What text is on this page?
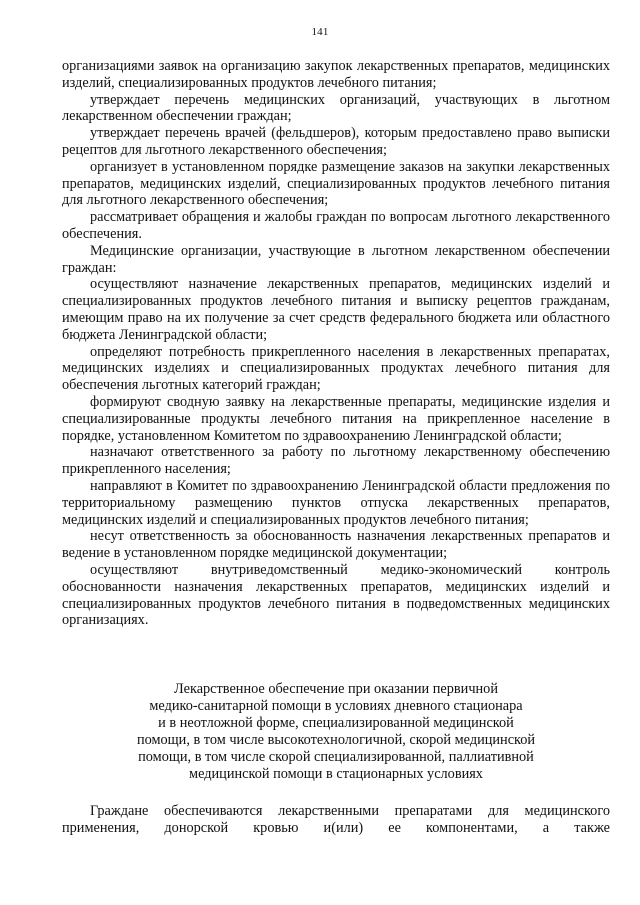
141

организациями заявок на организацию закупок лекарственных препаратов, медицинских изделий, специализированных продуктов лечебного питания;

утверждает перечень медицинских организаций, участвующих в льготном лекарственном обеспечении граждан;

утверждает перечень врачей (фельдшеров), которым предоставлено право выписки рецептов для льготного лекарственного обеспечения;

организует в установленном порядке размещение заказов на закупки лекарственных препаратов, медицинских изделий, специализированных продуктов лечебного питания для льготного лекарственного обеспечения;

рассматривает обращения и жалобы граждан по вопросам льготного лекарственного обеспечения.

Медицинские организации, участвующие в льготном лекарственном обеспечении граждан:

осуществляют назначение лекарственных препаратов, медицинских изделий и специализированных продуктов лечебного питания и выписку рецептов гражданам, имеющим право на их получение за счет средств федерального бюджета или областного бюджета Ленинградской области;

определяют потребность прикрепленного населения в лекарственных препаратах, медицинских изделиях и специализированных продуктах лечебного питания для обеспечения льготных категорий граждан;

формируют сводную заявку на лекарственные препараты, медицинские изделия и специализированные продукты лечебного питания на прикрепленное население в порядке, установленном Комитетом по здравоохранению Ленинградской области;

назначают ответственного за работу по льготному лекарственному обеспечению прикрепленного населения;

направляют в Комитет по здравоохранению Ленинградской области предложения по территориальному размещению пунктов отпуска лекарственных препаратов, медицинских изделий и специализированных продуктов лечебного питания;

несут ответственность за обоснованность назначения лекарственных препаратов и ведение в установленном порядке медицинской документации;

осуществляют внутриведомственный медико-экономический контроль обоснованности назначения лекарственных препаратов, медицинских изделий и специализированных продуктов лечебного питания в подведомственных медицинских организациях.

Лекарственное обеспечение при оказании первичной
медико-санитарной помощи в условиях дневного стационара
и в неотложной форме, специализированной медицинской
помощи, в том числе высокотехнологичной, скорой медицинской
помощи, в том числе скорой специализированной, паллиативной
медицинской помощи в стационарных условиях

Граждане обеспечиваются лекарственными препаратами для медицинского применения, донорской кровью и(или) ее компонентами, а также
